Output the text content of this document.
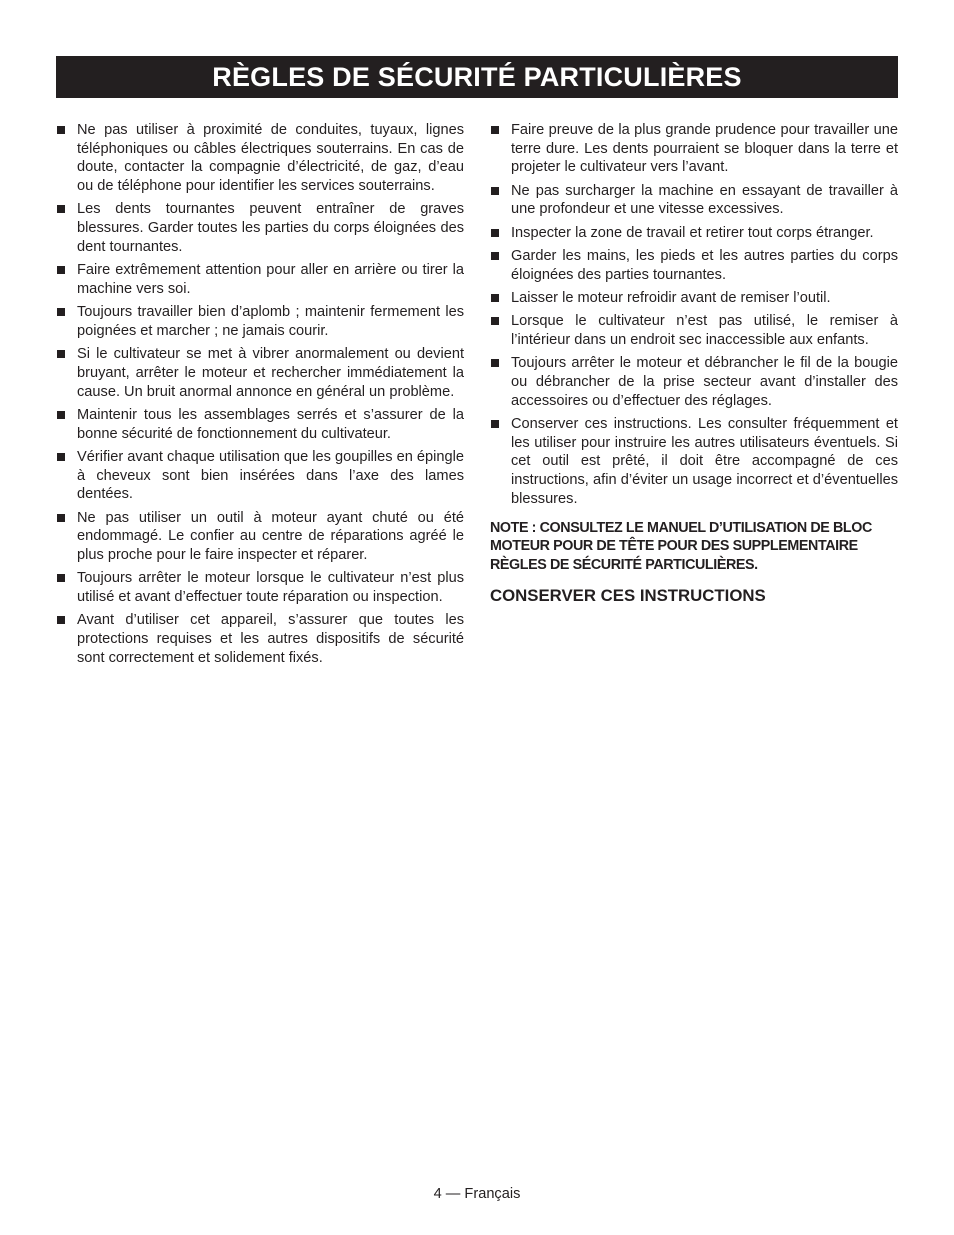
RÈGLES DE SÉCURITÉ PARTICULIÈRES
Ne pas utiliser à proximité de conduites, tuyaux, lignes téléphoniques ou câbles électriques souterrains. En cas de doute, contacter la compagnie d’électricité, de gaz, d’eau ou de téléphone pour identifier les services souterrains.
Les dents tournantes peuvent entraîner de graves blessures. Garder toutes les parties du corps éloignées des dent tournantes.
Faire extrêmement attention pour aller en arrière ou tirer la machine vers soi.
Toujours travailler bien d’aplomb ; maintenir fermement les poignées et marcher ; ne jamais courir.
Si le cultivateur se met à vibrer anormalement ou devient bruyant, arrêter le moteur et rechercher immédiatement la cause. Un bruit anormal annonce en général un problème.
Maintenir tous les assemblages serrés et s’assurer de la bonne sécurité de fonctionnement du cultivateur.
Vérifier avant chaque utilisation que les goupilles en épingle à cheveux sont bien insérées dans l’axe des lames dentées.
Ne pas utiliser un outil à moteur ayant chuté ou été endommagé. Le confier au centre de réparations agréé le plus proche pour le faire inspecter et réparer.
Toujours arrêter le moteur lorsque le cultivateur n’est plus utilisé et avant d’effectuer toute réparation ou inspection.
Avant d’utiliser cet appareil, s’assurer que toutes les protections requises et les autres dispositifs de sécurité sont correctement et solidement fixés.
Faire preuve de la plus grande prudence pour travailler une terre dure. Les dents pourraient se bloquer dans la terre et projeter le cultivateur vers l’avant.
Ne pas surcharger la machine en essayant de travailler à une profondeur et une vitesse excessives.
Inspecter la zone de travail et retirer tout corps étranger.
Garder les mains, les pieds et les autres parties du corps éloignées des parties tournantes.
Laisser le moteur refroidir avant de remiser l’outil.
Lorsque le cultivateur n’est pas utilisé, le remiser à l’intérieur dans un endroit sec inaccessible aux enfants.
Toujours arrêter le moteur et débrancher le fil de la bougie ou débrancher de la prise secteur avant d’installer des accessoires ou d’effectuer des réglages.
Conserver ces instructions. Les consulter fréquemment et les utiliser pour instruire les autres utilisateurs éventuels. Si cet outil est prêté, il doit être accompagné de ces instructions, afin d’éviter un usage incorrect et d’éventuelles blessures.
NOTE : CONSULTEZ LE MANUEL D’UTILISATION DE BLOC MOTEUR POUR DE TÊTE POUR DES SUPPLEMENTAIRE RÈGLES DE SÉCURITÉ PARTICULIÈRES.
CONSERVER CES INSTRUCTIONS
4 — Français
